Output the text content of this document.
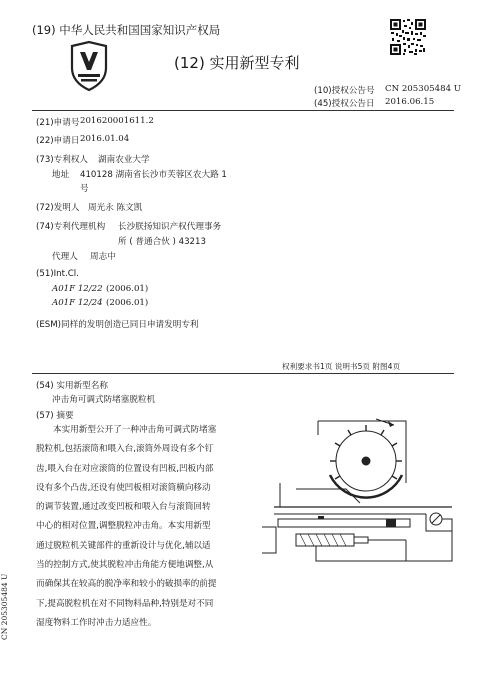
(19) 中华人民共和国国家知识产权局
(12) 实用新型专利
(10)授权公告号 CN 205305484 U
(45)授权公告日 2016.06.15
(21)申请号 201620001611.2
(22)申请日 2016.01.04
(73)专利权人 湖南农业大学
地址 410128 湖南省长沙市芙蓉区农大路 1
号
(72)发明人 周光永 陈文凯
(74)专利代理机构 长沙朕扬知识产权代理事务
所 ( 普通合伙 ) 43213
代理人 周志中
(51)Int.Cl.
A01F 12/22 (2006.01)
A01F 12/24 (2006.01)
(ESM)同样的发明创造已同日申请发明专利
权利要求书1页 说明书5页 附图4页
(54) 实用新型名称
冲击角可调式防堵塞脱粒机
(57) 摘要
本实用新型公开了一种冲击角可调式防堵塞
脱粒机,包括滚筒和喂入台,滚筒外周设有多个钉
齿,喂入台在对应滚筒的位置设有凹板,凹板内部
设有多个凸齿,还设有使凹板相对滚筒横向移动
的调节装置,通过改变凹板和喂入台与滚筒回转
中心的相对位置,调整脱粒冲击角。本实用新型
通过脱粒机关键部件的重新设计与优化,辅以适
当的控制方式,使其脱粒冲击角能方便地调整,从
而确保其在较高的脱净率和较小的破损率的前提
下,提高脱粒机在对不同物料品种,特别是对不同
湿度物料工作时冲击力适应性。
CN 205305484 U
